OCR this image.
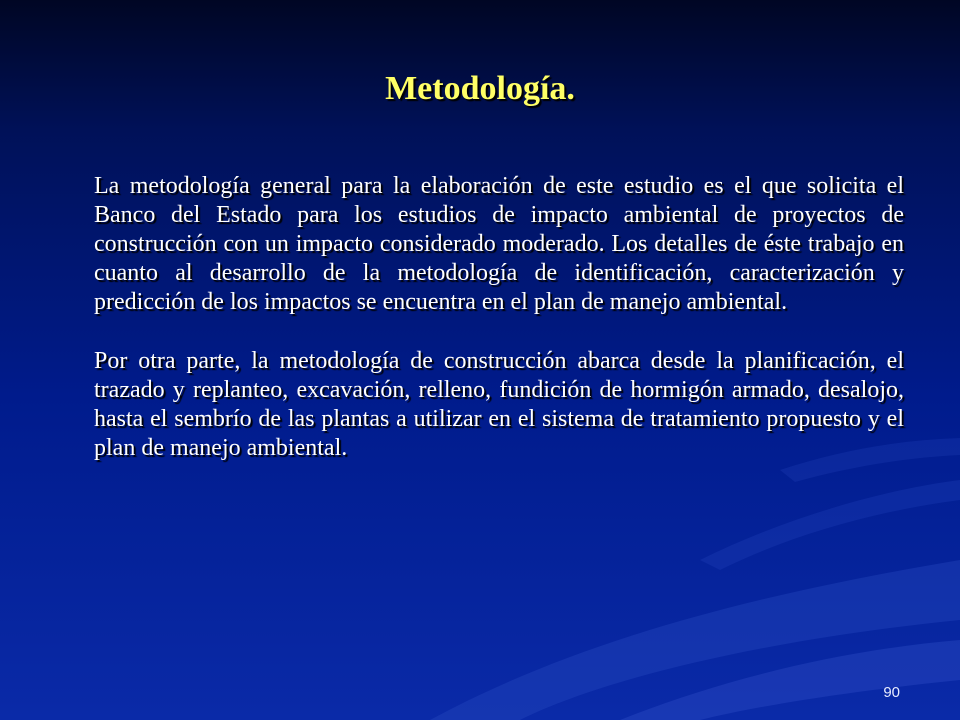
Metodología.

La metodología general para la elaboración de este estudio es el que solicita el Banco del Estado para los estudios de impacto ambiental de proyectos de construcción con un impacto considerado moderado. Los detalles de éste trabajo en cuanto al desarrollo de la metodología de identificación, caracterización y predicción de los impactos se encuentra en el plan de manejo ambiental.

Por otra parte, la metodología de construcción abarca desde la planificación, el trazado y replanteo, excavación, relleno, fundición de hormigón armado, desalojo, hasta el sembrío de las plantas a utilizar en el sistema de tratamiento propuesto y el plan de manejo ambiental.

90
